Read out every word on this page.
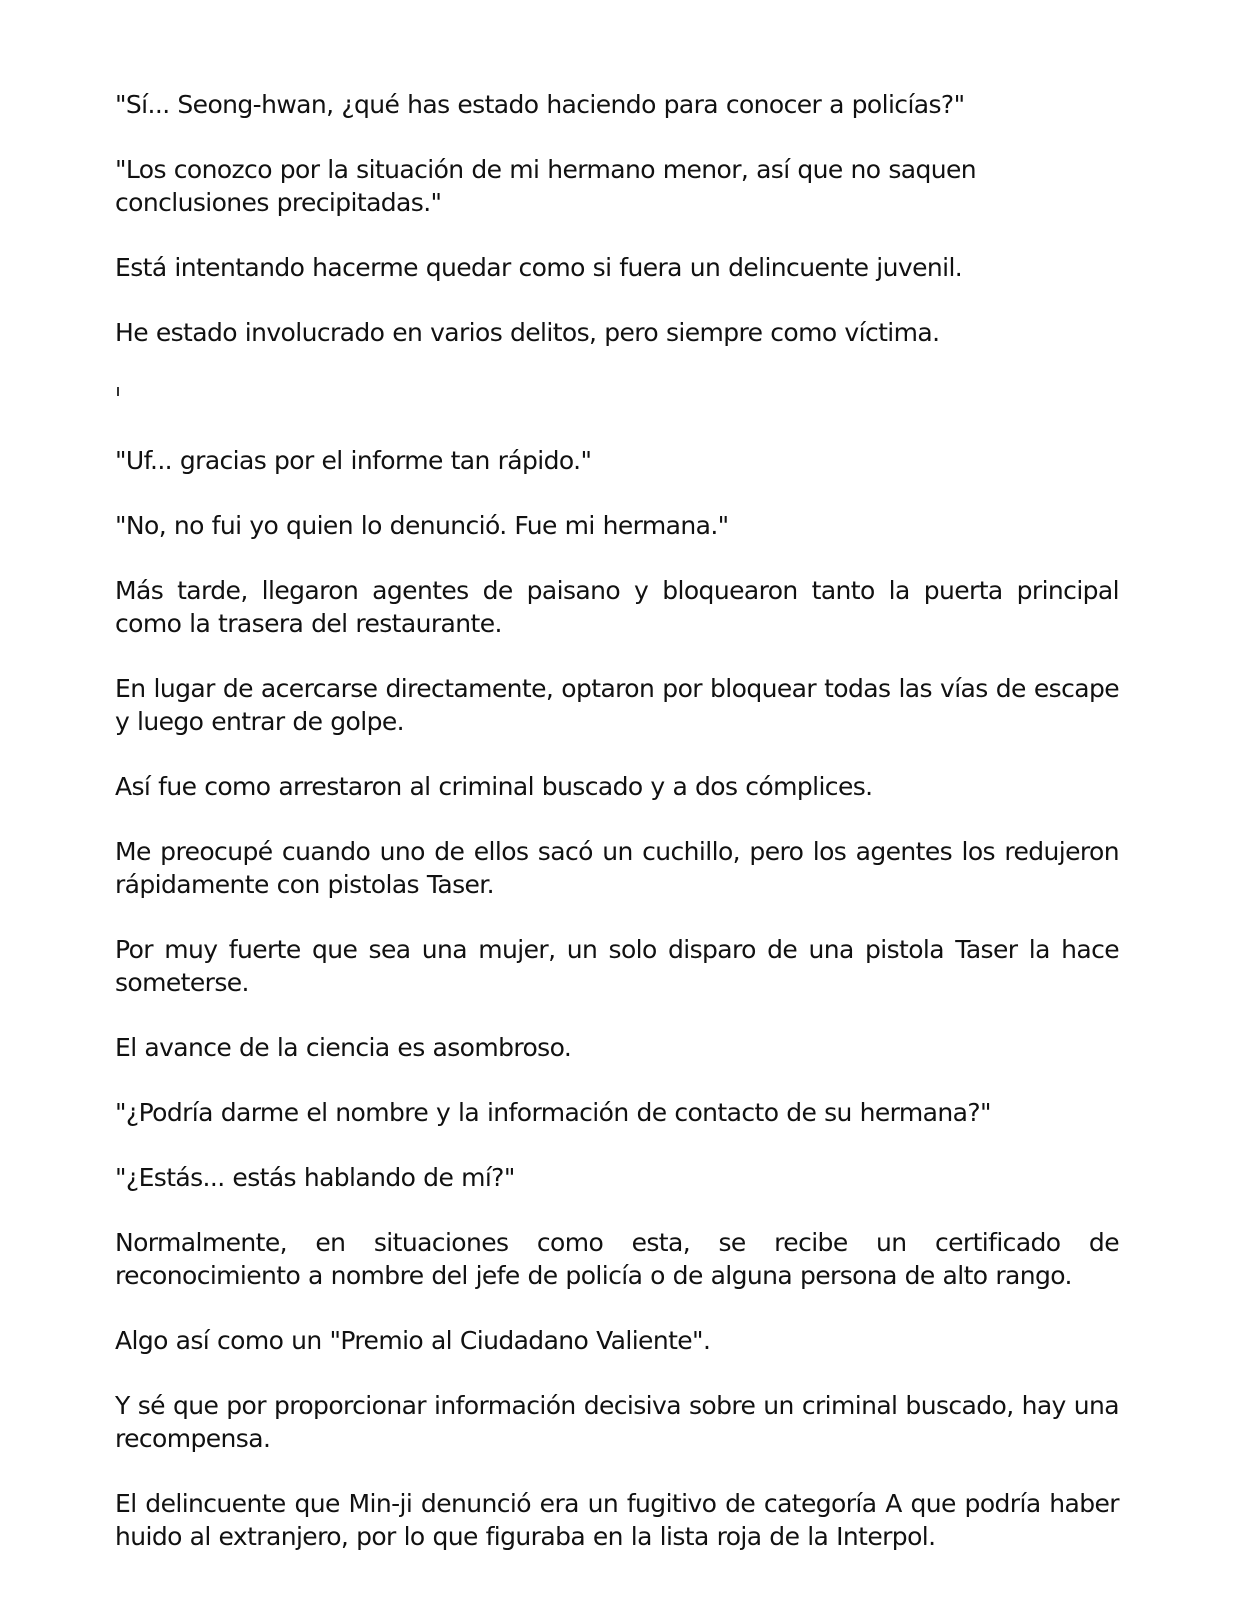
"Sí... Seong-hwan, ¿qué has estado haciendo para conocer a policías?"

"Los conozco por la situación de mi hermano menor, así que no saquen conclusiones precipitadas."

Está intentando hacerme quedar como si fuera un delincuente juvenil.

He estado involucrado en varios delitos, pero siempre como víctima.

"Uf... gracias por el informe tan rápido."

"No, no fui yo quien lo denunció. Fue mi hermana."

Más tarde, llegaron agentes de paisano y bloquearon tanto la puerta principal como la trasera del restaurante.

En lugar de acercarse directamente, optaron por bloquear todas las vías de escape y luego entrar de golpe.

Así fue como arrestaron al criminal buscado y a dos cómplices.

Me preocupé cuando uno de ellos sacó un cuchillo, pero los agentes los redujeron rápidamente con pistolas Taser.

Por muy fuerte que sea una mujer, un solo disparo de una pistola Taser la hace someterse.

El avance de la ciencia es asombroso.

"¿Podría darme el nombre y la información de contacto de su hermana?"

"¿Estás... estás hablando de mí?"

Normalmente, en situaciones como esta, se recibe un certificado de reconocimiento a nombre del jefe de policía o de alguna persona de alto rango.

Algo así como un "Premio al Ciudadano Valiente".

Y sé que por proporcionar información decisiva sobre un criminal buscado, hay una recompensa.

El delincuente que Min-ji denunció era un fugitivo de categoría A que podría haber huido al extranjero, por lo que figuraba en la lista roja de la Interpol.
